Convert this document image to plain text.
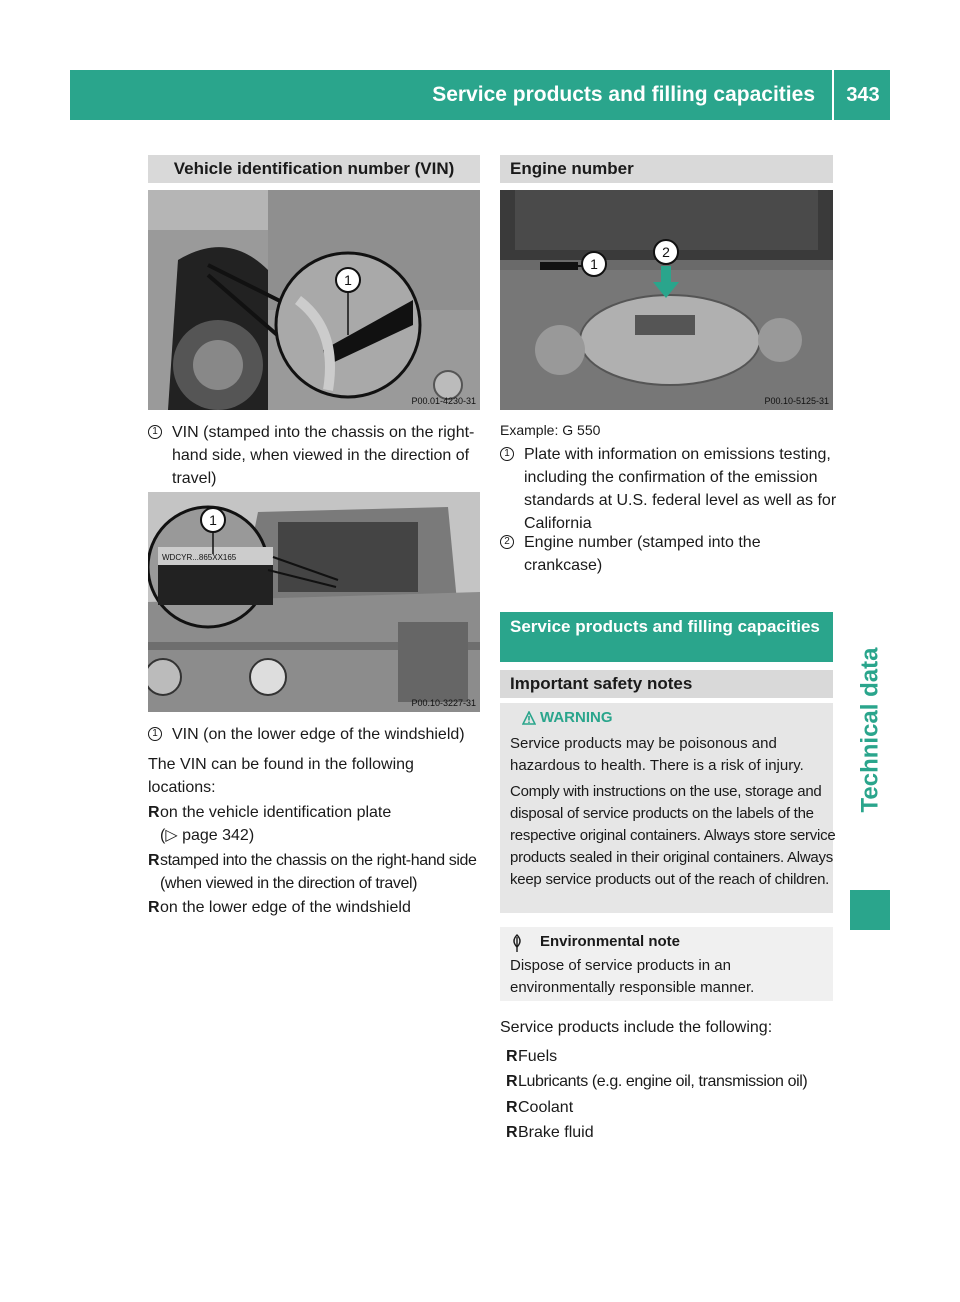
Service products and filling capacities	343
Technical data
Vehicle identification number (VIN)
1
P00.01-4230-31
1 VIN (stamped into the chassis on the right-hand side, when viewed in the direction of travel)
WDCYR...865XX165
1
P00.10-3227-31
1 VIN (on the lower edge of the windshield)
The VIN can be found in the following locations:
R on the vehicle identification plate
(▷ page 342)
R stamped into the chassis on the right-hand side (when viewed in the direction of travel)
R on the lower edge of the windshield
Engine number
1
2
P00.10-5125-31
Example: G 550
1 Plate with information on emissions testing, including the confirmation of the emission standards at U.S. federal level as well as for California
2 Engine number (stamped into the crankcase)
Service products and filling capacities
Important safety notes
WARNING
Service products may be poisonous and hazardous to health. There is a risk of injury.
Comply with instructions on the use, storage and disposal of service products on the labels of the respective original containers. Always store service products sealed in their original containers. Always keep service products out of the reach of children.
Environmental note
Dispose of service products in an environmentally responsible manner.
Service products include the following:
R Fuels
R Lubricants (e.g. engine oil, transmission oil)
R Coolant
R Brake fluid
